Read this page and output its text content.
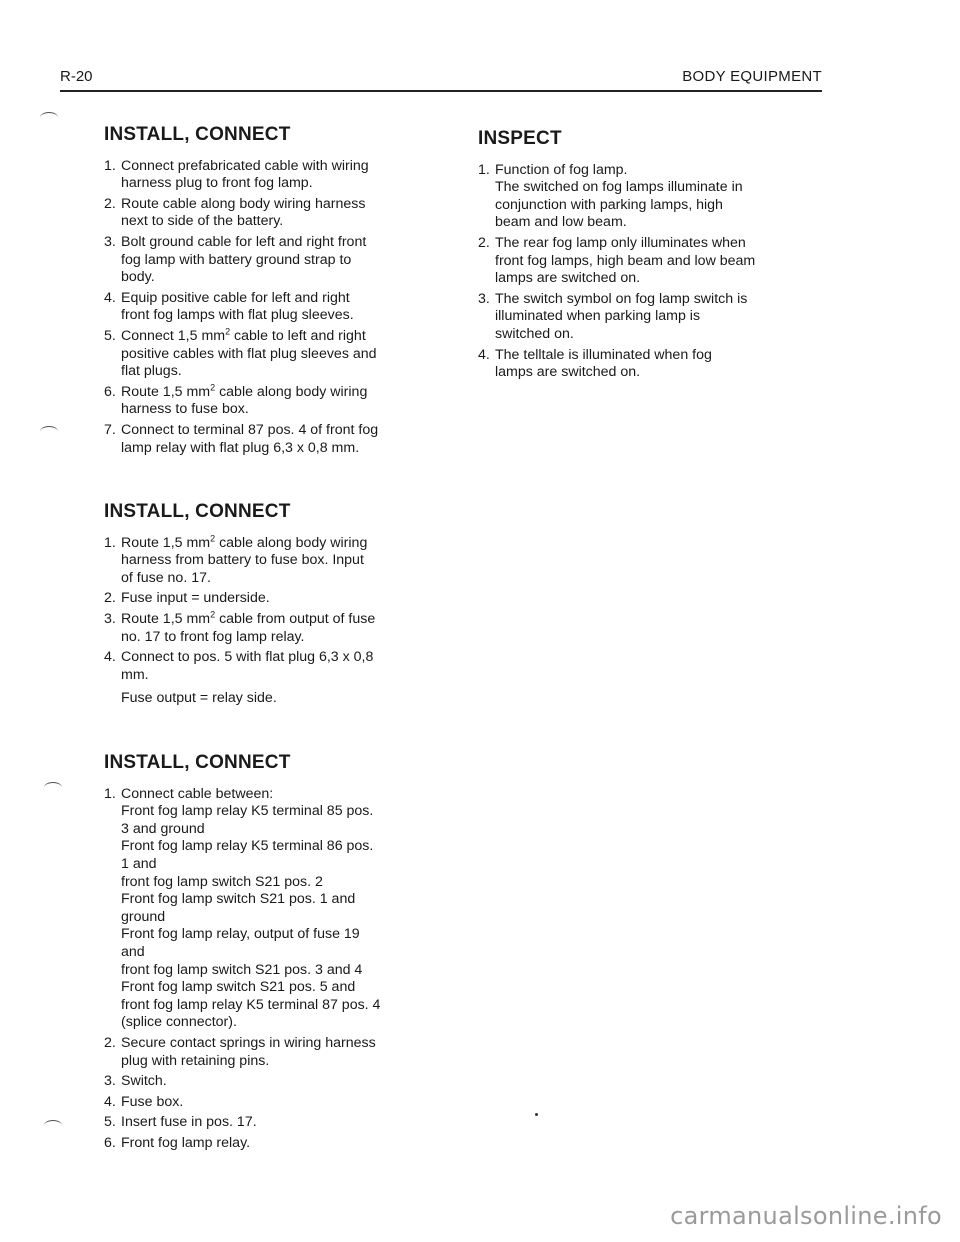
R-20	BODY EQUIPMENT
INSTALL, CONNECT
1. Connect prefabricated cable with wiring
harness plug to front fog lamp.
2. Route cable along body wiring harness
next to side of the battery.
3. Bolt ground cable for left and right front
fog lamp with battery ground strap to
body.
4. Equip positive cable for left and right
front fog lamps with flat plug sleeves.
5. Connect 1,5 $mm^2$ cable to left and right
positive cables with flat plug sleeves and
flat plugs.
6. Route 1,5 $mm^2$ cable along body wiring
harness to fuse box.
7. Connect to terminal 87 pos. 4 of front fog
lamp relay with flat plug 6,3 x 0,8 mm.
INSTALL, CONNECT
1. Route 1,5 $mm^2$ cable along body wiring
harness from battery to fuse box. Input
of fuse no. 17.
2. Fuse input = underside.
3. Route 1,5 $mm^2$ cable from output of fuse
no. 17 to front fog lamp relay.
4. Connect to pos. 5 with flat plug 6,3 x 0,8
mm.
Fuse output = relay side.
INSTALL, CONNECT
1. Connect cable between:
Front fog lamp relay K5 terminal 85 pos.
3 and ground
Front fog lamp relay K5 terminal 86 pos.
1 and
front fog lamp switch S21 pos. 2
Front fog lamp switch S21 pos. 1 and
ground
Front fog lamp relay, output of fuse 19
and
front fog lamp switch S21 pos. 3 and 4
Front fog lamp switch S21 pos. 5 and
front fog lamp relay K5 terminal 87 pos. 4
(splice connector).
2. Secure contact springs in wiring harness
plug with retaining pins.
3. Switch.
4. Fuse box.
5. Insert fuse in pos. 17.
6. Front fog lamp relay.
INSPECT
1. Function of fog lamp.
The switched on fog lamps illuminate in
conjunction with parking lamps, high
beam and low beam.
2. The rear fog lamp only illuminates when
front fog lamps, high beam and low beam
lamps are switched on.
3. The switch symbol on fog lamp switch is
illuminated when parking lamp is
switched on.
4. The telltale is illuminated when fog
lamps are switched on.
carmanualsonline.info
